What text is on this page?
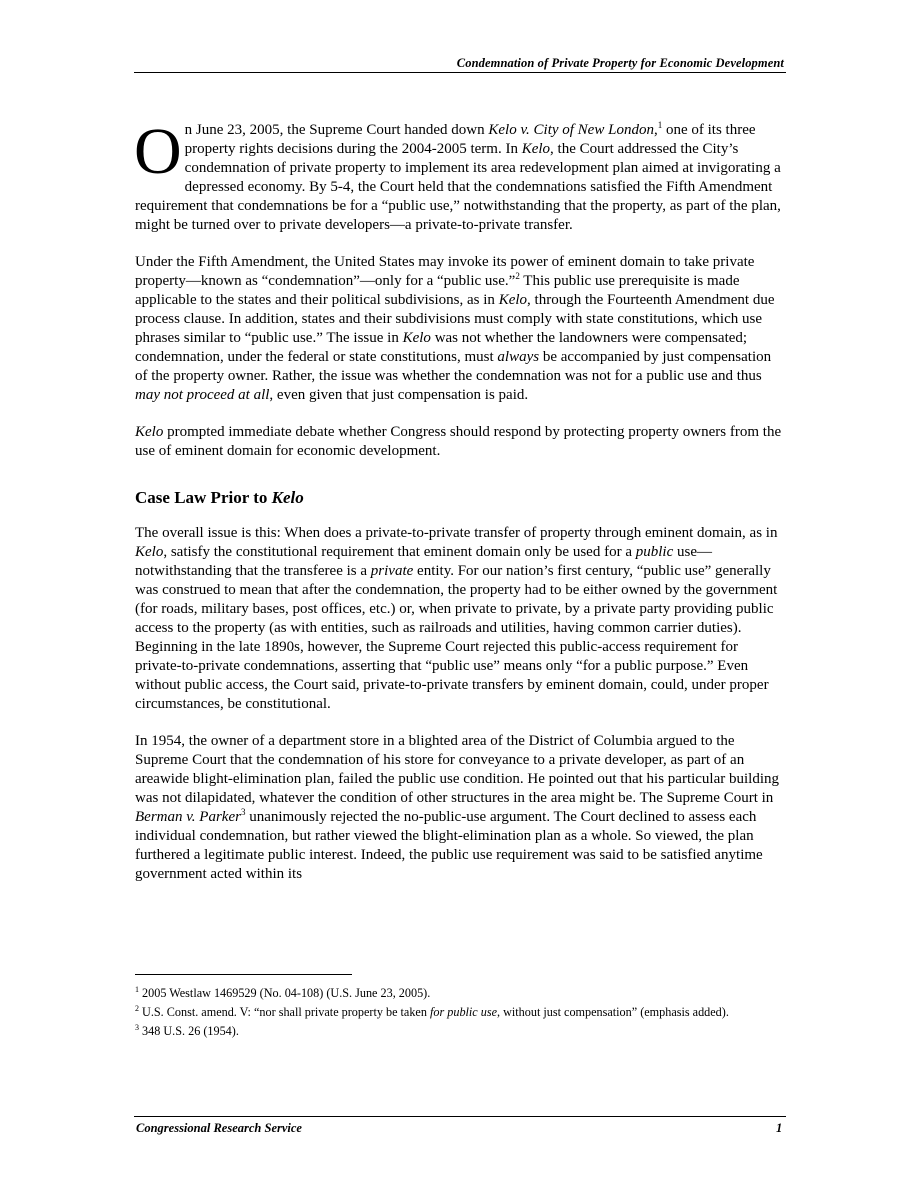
Condemnation of Private Property for Economic Development

On June 23, 2005, the Supreme Court handed down Kelo v. City of New London,$^1$ one of its three property rights decisions during the 2004-2005 term. In Kelo, the Court addressed the City’s condemnation of private property to implement its area redevelopment plan aimed at invigorating a depressed economy. By 5-4, the Court held that the condemnations satisfied the Fifth Amendment requirement that condemnations be for a “public use,” notwithstanding that the property, as part of the plan, might be turned over to private developers—a private-to-private transfer.

Under the Fifth Amendment, the United States may invoke its power of eminent domain to take private property—known as “condemnation”—only for a “public use.”$^2$ This public use prerequisite is made applicable to the states and their political subdivisions, as in Kelo, through the Fourteenth Amendment due process clause. In addition, states and their subdivisions must comply with state constitutions, which use phrases similar to “public use.” The issue in Kelo was not whether the landowners were compensated; condemnation, under the federal or state constitutions, must always be accompanied by just compensation of the property owner. Rather, the issue was whether the condemnation was not for a public use and thus may not proceed at all, even given that just compensation is paid.

Kelo prompted immediate debate whether Congress should respond by protecting property owners from the use of eminent domain for economic development.

Case Law Prior to Kelo

The overall issue is this: When does a private-to-private transfer of property through eminent domain, as in Kelo, satisfy the constitutional requirement that eminent domain only be used for a public use—notwithstanding that the transferee is a private entity. For our nation’s first century, “public use” generally was construed to mean that after the condemnation, the property had to be either owned by the government (for roads, military bases, post offices, etc.) or, when private to private, by a private party providing public access to the property (as with entities, such as railroads and utilities, having common carrier duties). Beginning in the late 1890s, however, the Supreme Court rejected this public-access requirement for private-to-private condemnations, asserting that “public use” means only “for a public purpose.” Even without public access, the Court said, private-to-private transfers by eminent domain, could, under proper circumstances, be constitutional.

In 1954, the owner of a department store in a blighted area of the District of Columbia argued to the Supreme Court that the condemnation of his store for conveyance to a private developer, as part of an areawide blight-elimination plan, failed the public use condition. He pointed out that his particular building was not dilapidated, whatever the condition of other structures in the area might be. The Supreme Court in Berman v. Parker$^3$ unanimously rejected the no-public-use argument. The Court declined to assess each individual condemnation, but rather viewed the blight-elimination plan as a whole. So viewed, the plan furthered a legitimate public interest. Indeed, the public use requirement was said to be satisfied anytime government acted within its

$^1$ 2005 Westlaw 1469529 (No. 04-108) (U.S. June 23, 2005).
$^2$ U.S. Const. amend. V: “nor shall private property be taken for public use, without just compensation” (emphasis added).
$^3$ 348 U.S. 26 (1954).
Congressional Research Service	1
